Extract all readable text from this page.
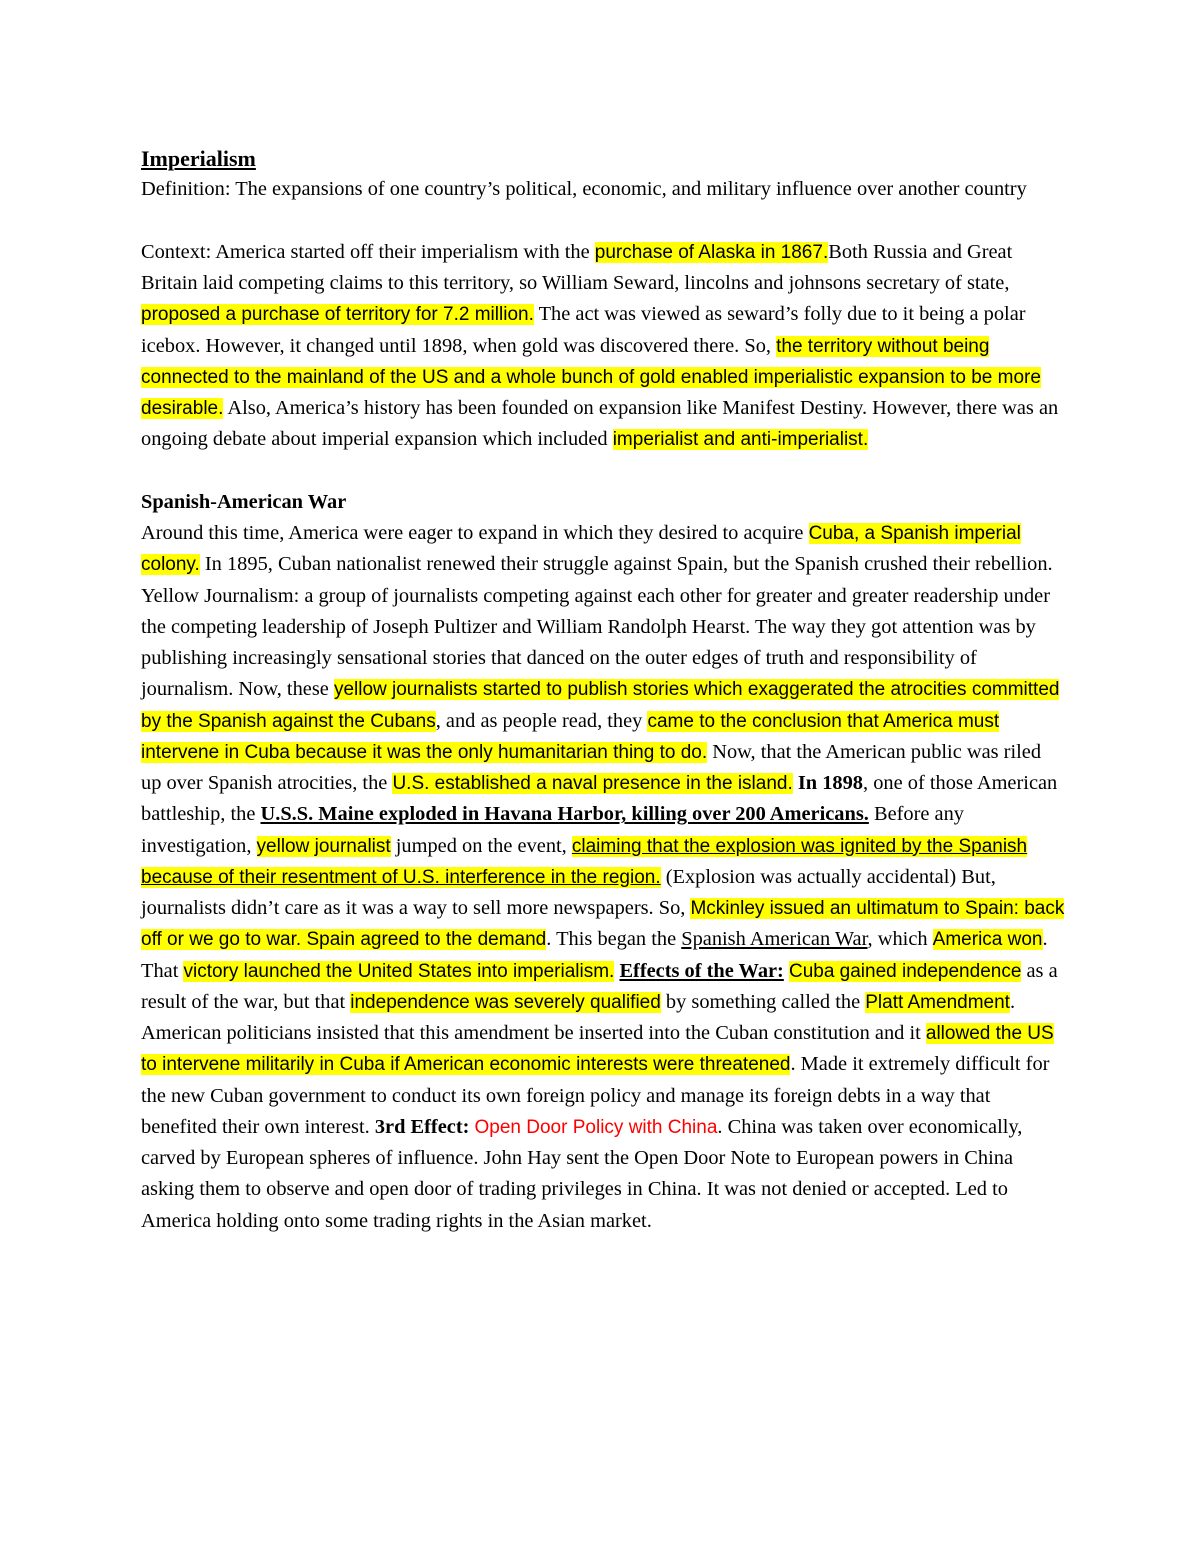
Imperialism

Definition: The expansions of one country’s political, economic, and military influence over another country

Context: America started off their imperialism with the purchase of Alaska in 1867.Both Russia and Great Britain laid competing claims to this territory, so William Seward, lincolns and johnsons secretary of state, proposed a purchase of territory for 7.2 million. The act was viewed as seward’s folly due to it being a polar icebox. However, it changed until 1898, when gold was discovered there. So, the territory without being connected to the mainland of the US and a whole bunch of gold enabled imperialistic expansion to be more desirable. Also, America’s history has been founded on expansion like Manifest Destiny. However, there was an ongoing debate about imperial expansion which included imperialist and anti-imperialist.

Spanish-American War

Around this time, America were eager to expand in which they desired to acquire Cuba, a Spanish imperial colony. In 1895, Cuban nationalist renewed their struggle against Spain, but the Spanish crushed their rebellion. Yellow Journalism: a group of journalists competing against each other for greater and greater readership under the competing leadership of Joseph Pultizer and William Randolph Hearst. The way they got attention was by publishing increasingly sensational stories that danced on the outer edges of truth and responsibility of journalism. Now, these yellow journalists started to publish stories which exaggerated the atrocities committed by the Spanish against the Cubans, and as people read, they came to the conclusion that America must intervene in Cuba because it was the only humanitarian thing to do. Now, that the American public was riled up over Spanish atrocities, the U.S. established a naval presence in the island. In 1898, one of those American battleship, the U.S.S. Maine exploded in Havana Harbor, killing over 200 Americans. Before any investigation, yellow journalist jumped on the event, claiming that the explosion was ignited by the Spanish because of their resentment of U.S. interference in the region. (Explosion was actually accidental) But, journalists didn’t care as it was a way to sell more newspapers. So, Mckinley issued an ultimatum to Spain: back off or we go to war. Spain agreed to the demand. This began the Spanish American War, which America won. That victory launched the United States into imperialism. Effects of the War: Cuba gained independence as a result of the war, but that independence was severely qualified by something called the Platt Amendment. American politicians insisted that this amendment be inserted into the Cuban constitution and it allowed the US to intervene militarily in Cuba if American economic interests were threatened. Made it extremely difficult for the new Cuban government to conduct its own foreign policy and manage its foreign debts in a way that benefited their own interest. 3rd Effect: Open Door Policy with China. China was taken over economically, carved by European spheres of influence. John Hay sent the Open Door Note to European powers in China asking them to observe and open door of trading privileges in China. It was not denied or accepted. Led to America holding onto some trading rights in the Asian market.
